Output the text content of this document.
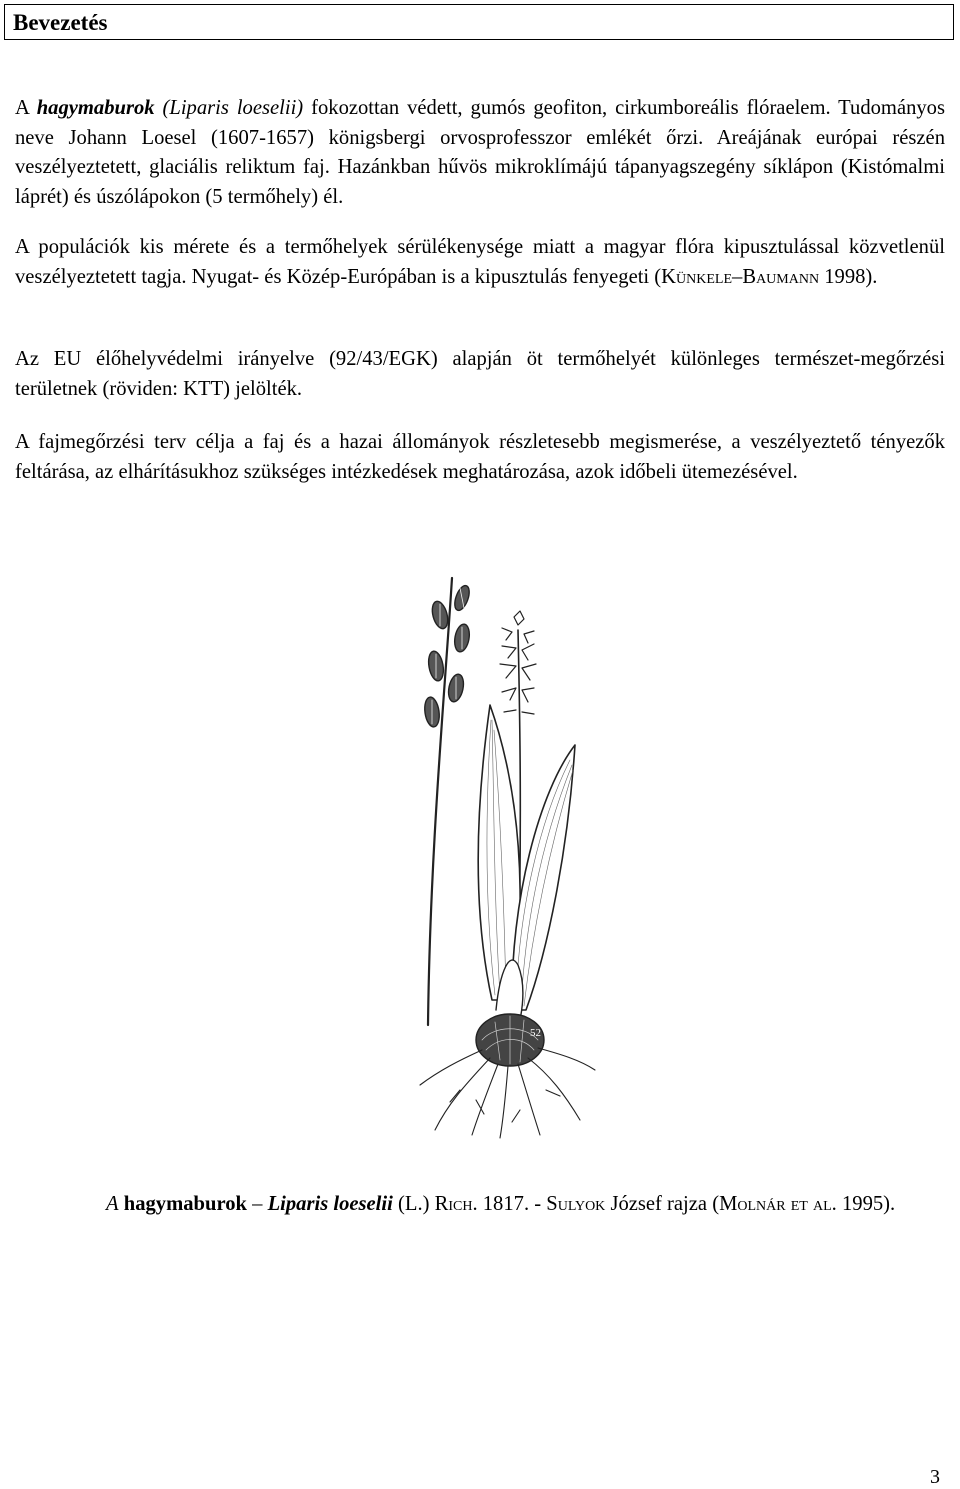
Bevezetés

A hagymaburok (Liparis loeselii) fokozottan védett, gumós geofiton, cirkumboreális flóraelem. Tudományos neve Johann Loesel (1607-1657) königsbergi orvosprofesszor emlékét őrzi. Areájának európai részén veszélyeztetett, glaciális reliktum faj. Hazánkban hűvös mikroklímájú tápanyagszegény síklápon (Kistómalmi láprét) és úszólápokon (5 termőhely) él.

A populációk kis mérete és a termőhelyek sérülékenysége miatt a magyar flóra kipusztulással közvetlenül veszélyeztetett tagja. Nyugat- és Közép-Európában is a kipusztulás fenyegeti (Künkele–Baumann 1998).

Az EU élőhelyvédelmi irányelve (92/43/EGK) alapján öt termőhelyét különleges természet-megőrzési területnek (röviden: KTT) jelölték.

A fajmegőrzési terv célja a faj és a hazai állományok részletesebb megismerése, a veszélyeztető tényezők feltárása, az elhárításukhoz szükséges intézkedések meghatározása, azok időbeli ütemezésével.

52
A hagymaburok – Liparis loeselii (L.) Rich. 1817. - Sulyok József rajza (Molnár et al. 1995).
3
